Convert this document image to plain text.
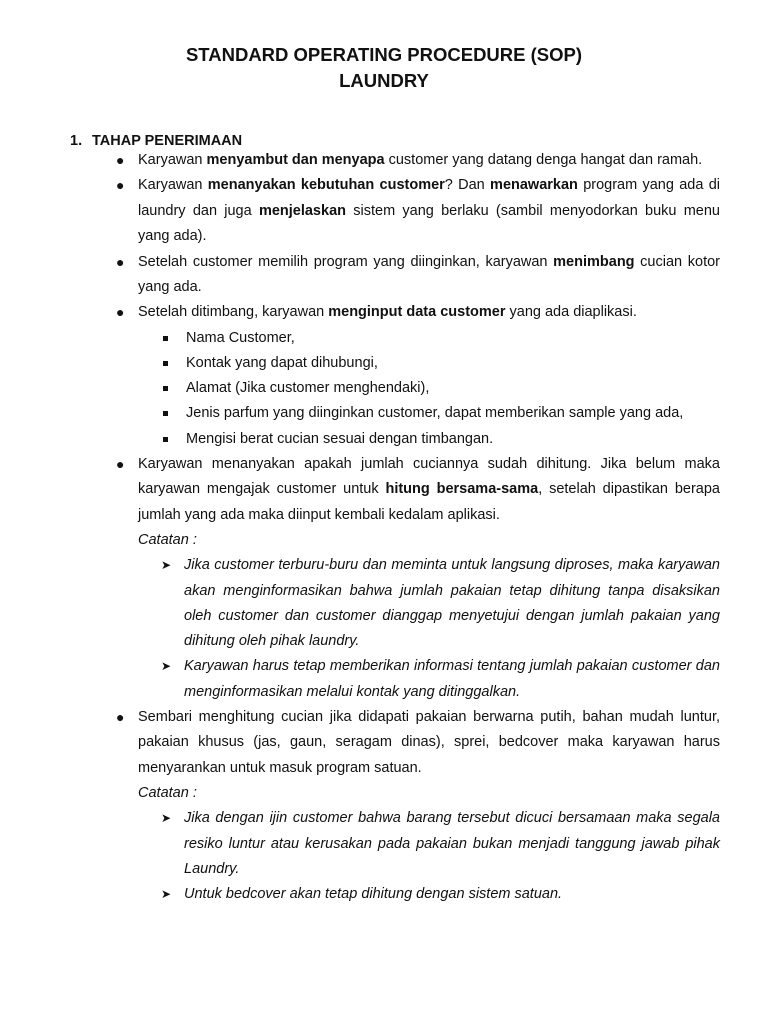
STANDARD OPERATING PROCEDURE (SOP)
LAUNDRY
1. TAHAP PENERIMAAN
● Karyawan menyambut dan menyapa customer yang datang denga hangat dan ramah.
● Karyawan menanyakan kebutuhan customer? Dan menawarkan program yang ada di laundry dan juga menjelaskan sistem yang berlaku (sambil menyodorkan buku menu yang ada).
● Setelah customer memilih program yang diinginkan, karyawan menimbang cucian kotor yang ada.
● Setelah ditimbang, karyawan menginput data customer yang ada diaplikasi.
Nama Customer,
Kontak yang dapat dihubungi,
Alamat (Jika customer menghendaki),
Jenis parfum yang diinginkan customer, dapat memberikan sample yang ada,
Mengisi berat cucian sesuai dengan timbangan.
● Karyawan menanyakan apakah jumlah cuciannya sudah dihitung. Jika belum maka karyawan mengajak customer untuk hitung bersama-sama, setelah dipastikan berapa jumlah yang ada maka diinput kembali kedalam aplikasi.
Catatan :
➤ Jika customer terburu-buru dan meminta untuk langsung diproses, maka karyawan akan menginformasikan bahwa jumlah pakaian tetap dihitung tanpa disaksikan oleh customer dan customer dianggap menyetujui dengan jumlah pakaian yang dihitung oleh pihak laundry.
➤ Karyawan harus tetap memberikan informasi tentang jumlah pakaian customer dan menginformasikan melalui kontak yang ditinggalkan.
● Sembari menghitung cucian jika didapati pakaian berwarna putih, bahan mudah luntur, pakaian khusus (jas, gaun, seragam dinas), sprei, bedcover maka karyawan harus menyarankan untuk masuk program satuan.
Catatan :
➤ Jika dengan ijin customer bahwa barang tersebut dicuci bersamaan maka segala resiko luntur atau kerusakan pada pakaian bukan menjadi tanggung jawab pihak Laundry.
➤ Untuk bedcover akan tetap dihitung dengan sistem satuan.
